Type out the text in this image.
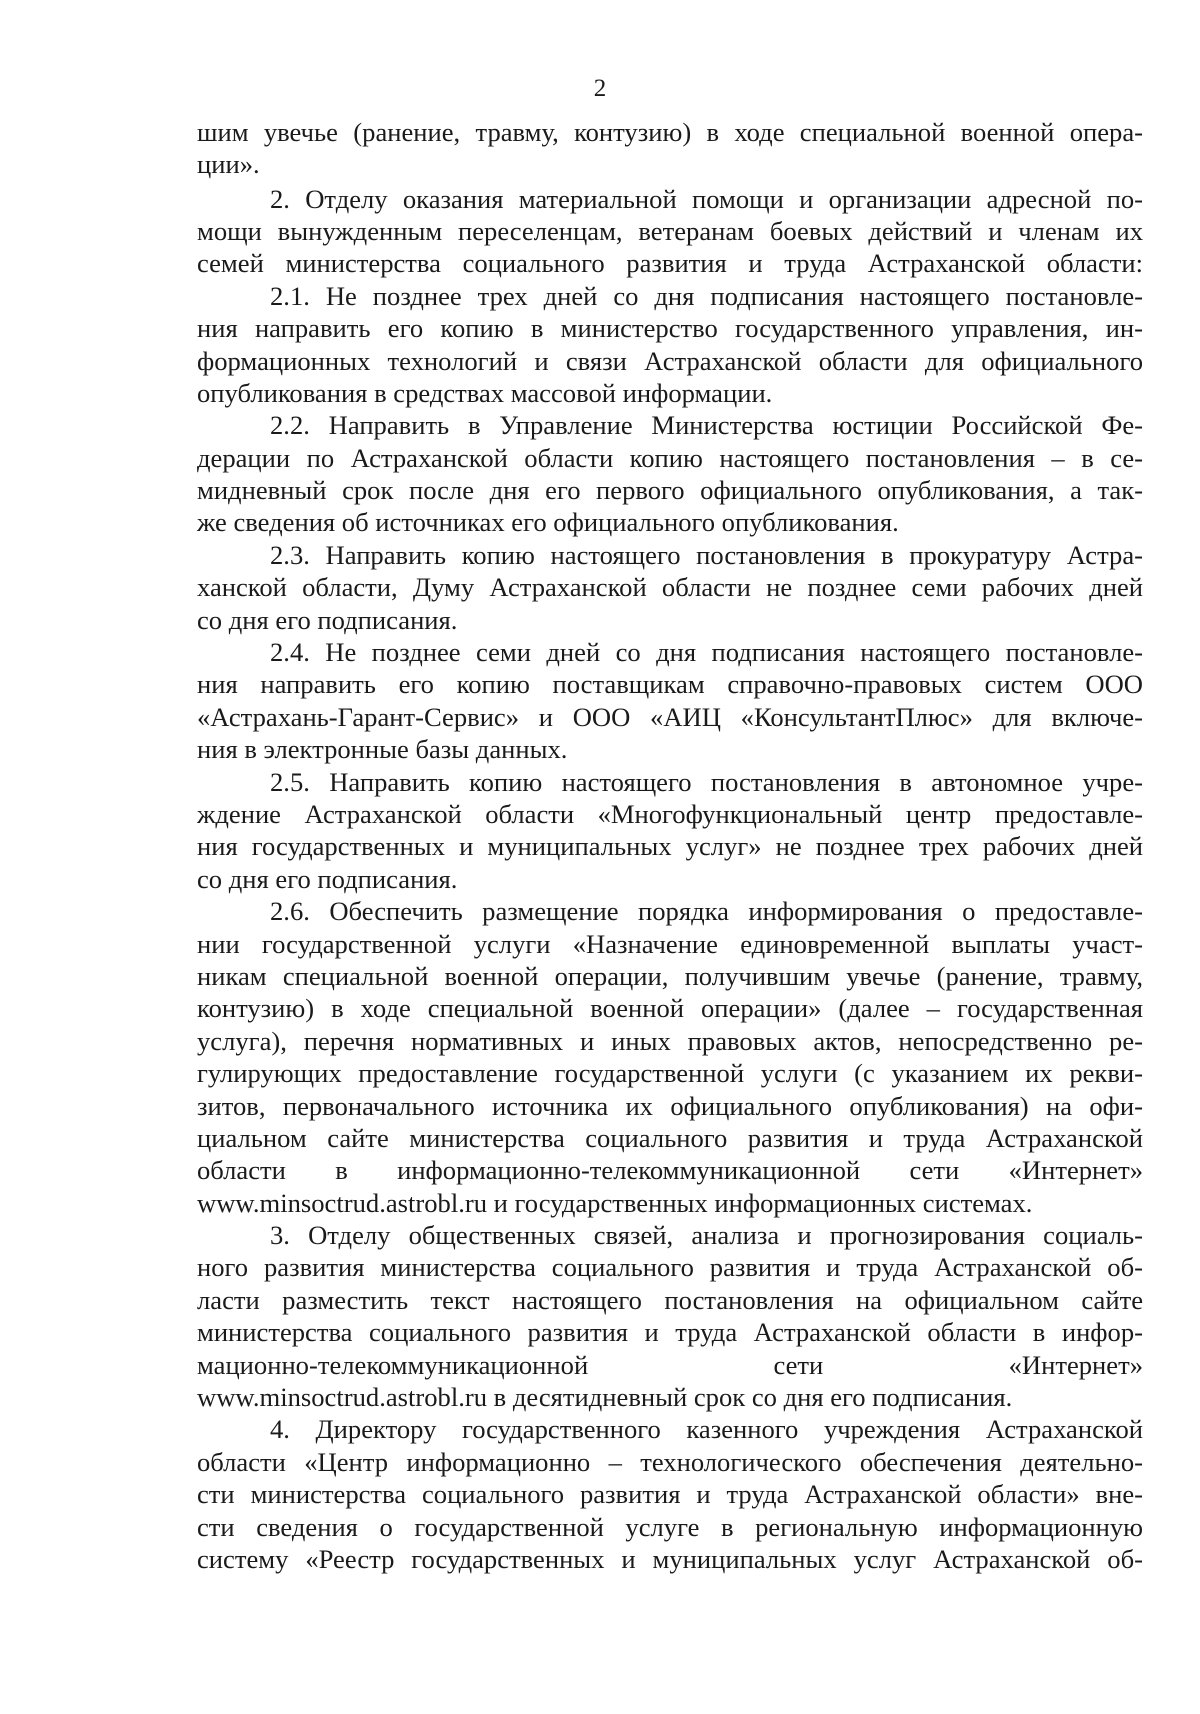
2
шим увечье (ранение, травму, контузию) в ходе специальной военной опера-
ции».
2. Отделу оказания материальной помощи и организации адресной по-
мощи вынужденным переселенцам, ветеранам боевых действий и членам их
семей министерства социального развития и труда Астраханской области:
2.1. Не позднее трех дней со дня подписания настоящего постановле-
ния направить его копию в министерство государственного управления, ин-
формационных технологий и связи Астраханской области для официального
опубликования в средствах массовой информации.
2.2. Направить в Управление Министерства юстиции Российской Фе-
дерации по Астраханской области копию настоящего постановления – в се-
мидневный срок после дня его первого официального опубликования, а так-
же сведения об источниках его официального опубликования.
2.3. Направить копию настоящего постановления в прокуратуру Астра-
ханской области, Думу Астраханской области не позднее семи рабочих дней
со дня его подписания.
2.4. Не позднее семи дней со дня подписания настоящего постановле-
ния направить его копию поставщикам справочно-правовых систем ООО
«Астрахань-Гарант-Сервис» и ООО «АИЦ «КонсультантПлюс» для включе-
ния в электронные базы данных.
2.5. Направить копию настоящего постановления в автономное учре-
ждение Астраханской области «Многофункциональный центр предоставле-
ния государственных и муниципальных услуг» не позднее трех рабочих дней
со дня его подписания.
2.6. Обеспечить размещение порядка информирования о предоставле-
нии государственной услуги «Назначение единовременной выплаты участ-
никам специальной военной операции, получившим увечье (ранение, травму,
контузию) в ходе специальной военной операции» (далее – государственная
услуга), перечня нормативных и иных правовых актов, непосредственно ре-
гулирующих предоставление государственной услуги (с указанием их рекви-
зитов, первоначального источника их официального опубликования) на офи-
циальном сайте министерства социального развития и труда Астраханской
области в информационно-телекоммуникационной сети «Интернет»
www.minsoctrud.astrobl.ru и государственных информационных системах.
3. Отделу общественных связей, анализа и прогнозирования социаль-
ного развития министерства социального развития и труда Астраханской об-
ласти разместить текст настоящего постановления на официальном сайте
министерства социального развития и труда Астраханской области в инфор-
мационно-телекоммуникационной сети «Интернет»
www.minsoctrud.astrobl.ru в десятидневный срок со дня его подписания.
4. Директору государственного казенного учреждения Астраханской
области «Центр информационно – технологического обеспечения деятельно-
сти министерства социального развития и труда Астраханской области» вне-
сти сведения о государственной услуге в региональную информационную
систему «Реестр государственных и муниципальных услуг Астраханской об-
